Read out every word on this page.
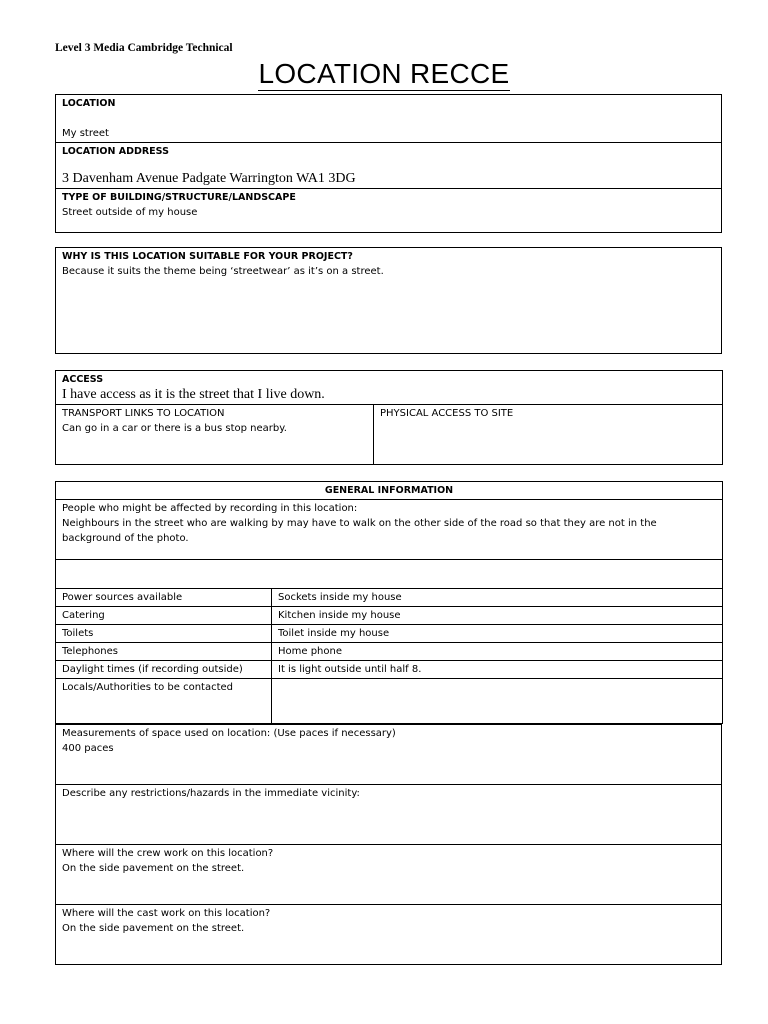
Level 3 Media Cambridge Technical
LOCATION RECCE
LOCATION
My street

LOCATION ADDRESS
3 Davenham Avenue Padgate Warrington WA1 3DG

TYPE OF BUILDING/STRUCTURE/LANDSCAPE
Street outside of my house
WHY IS THIS LOCATION SUITABLE FOR YOUR PROJECT?
Because it suits the theme being ‘streetwear’ as it’s on a street.
ACCESS
I have access as it is the street that I live down.

TRANSPORT LINKS TO LOCATION
Can go in a car or there is a bus stop nearby.

PHYSICAL ACCESS TO SITE
GENERAL INFORMATION	

People who might be affected by recording in this location:
Neighbours in the street who are walking by may have to walk on the other side of the road so that they are not in the background of the photo.	

Power sources available	Sockets inside my house
Catering	Kitchen inside my house
Toilets	Toilet inside my house
Telephones	Home phone
Daylight times (if recording outside)	It is light outside until half 8.
Locals/Authorities to be contacted	
Measurements of space used on location: (Use paces if necessary)
400 paces

Describe any restrictions/hazards in the immediate vicinity:

Where will the crew work on this location?
On the side pavement on the street.

Where will the cast work on this location?
On the side pavement on the street.
